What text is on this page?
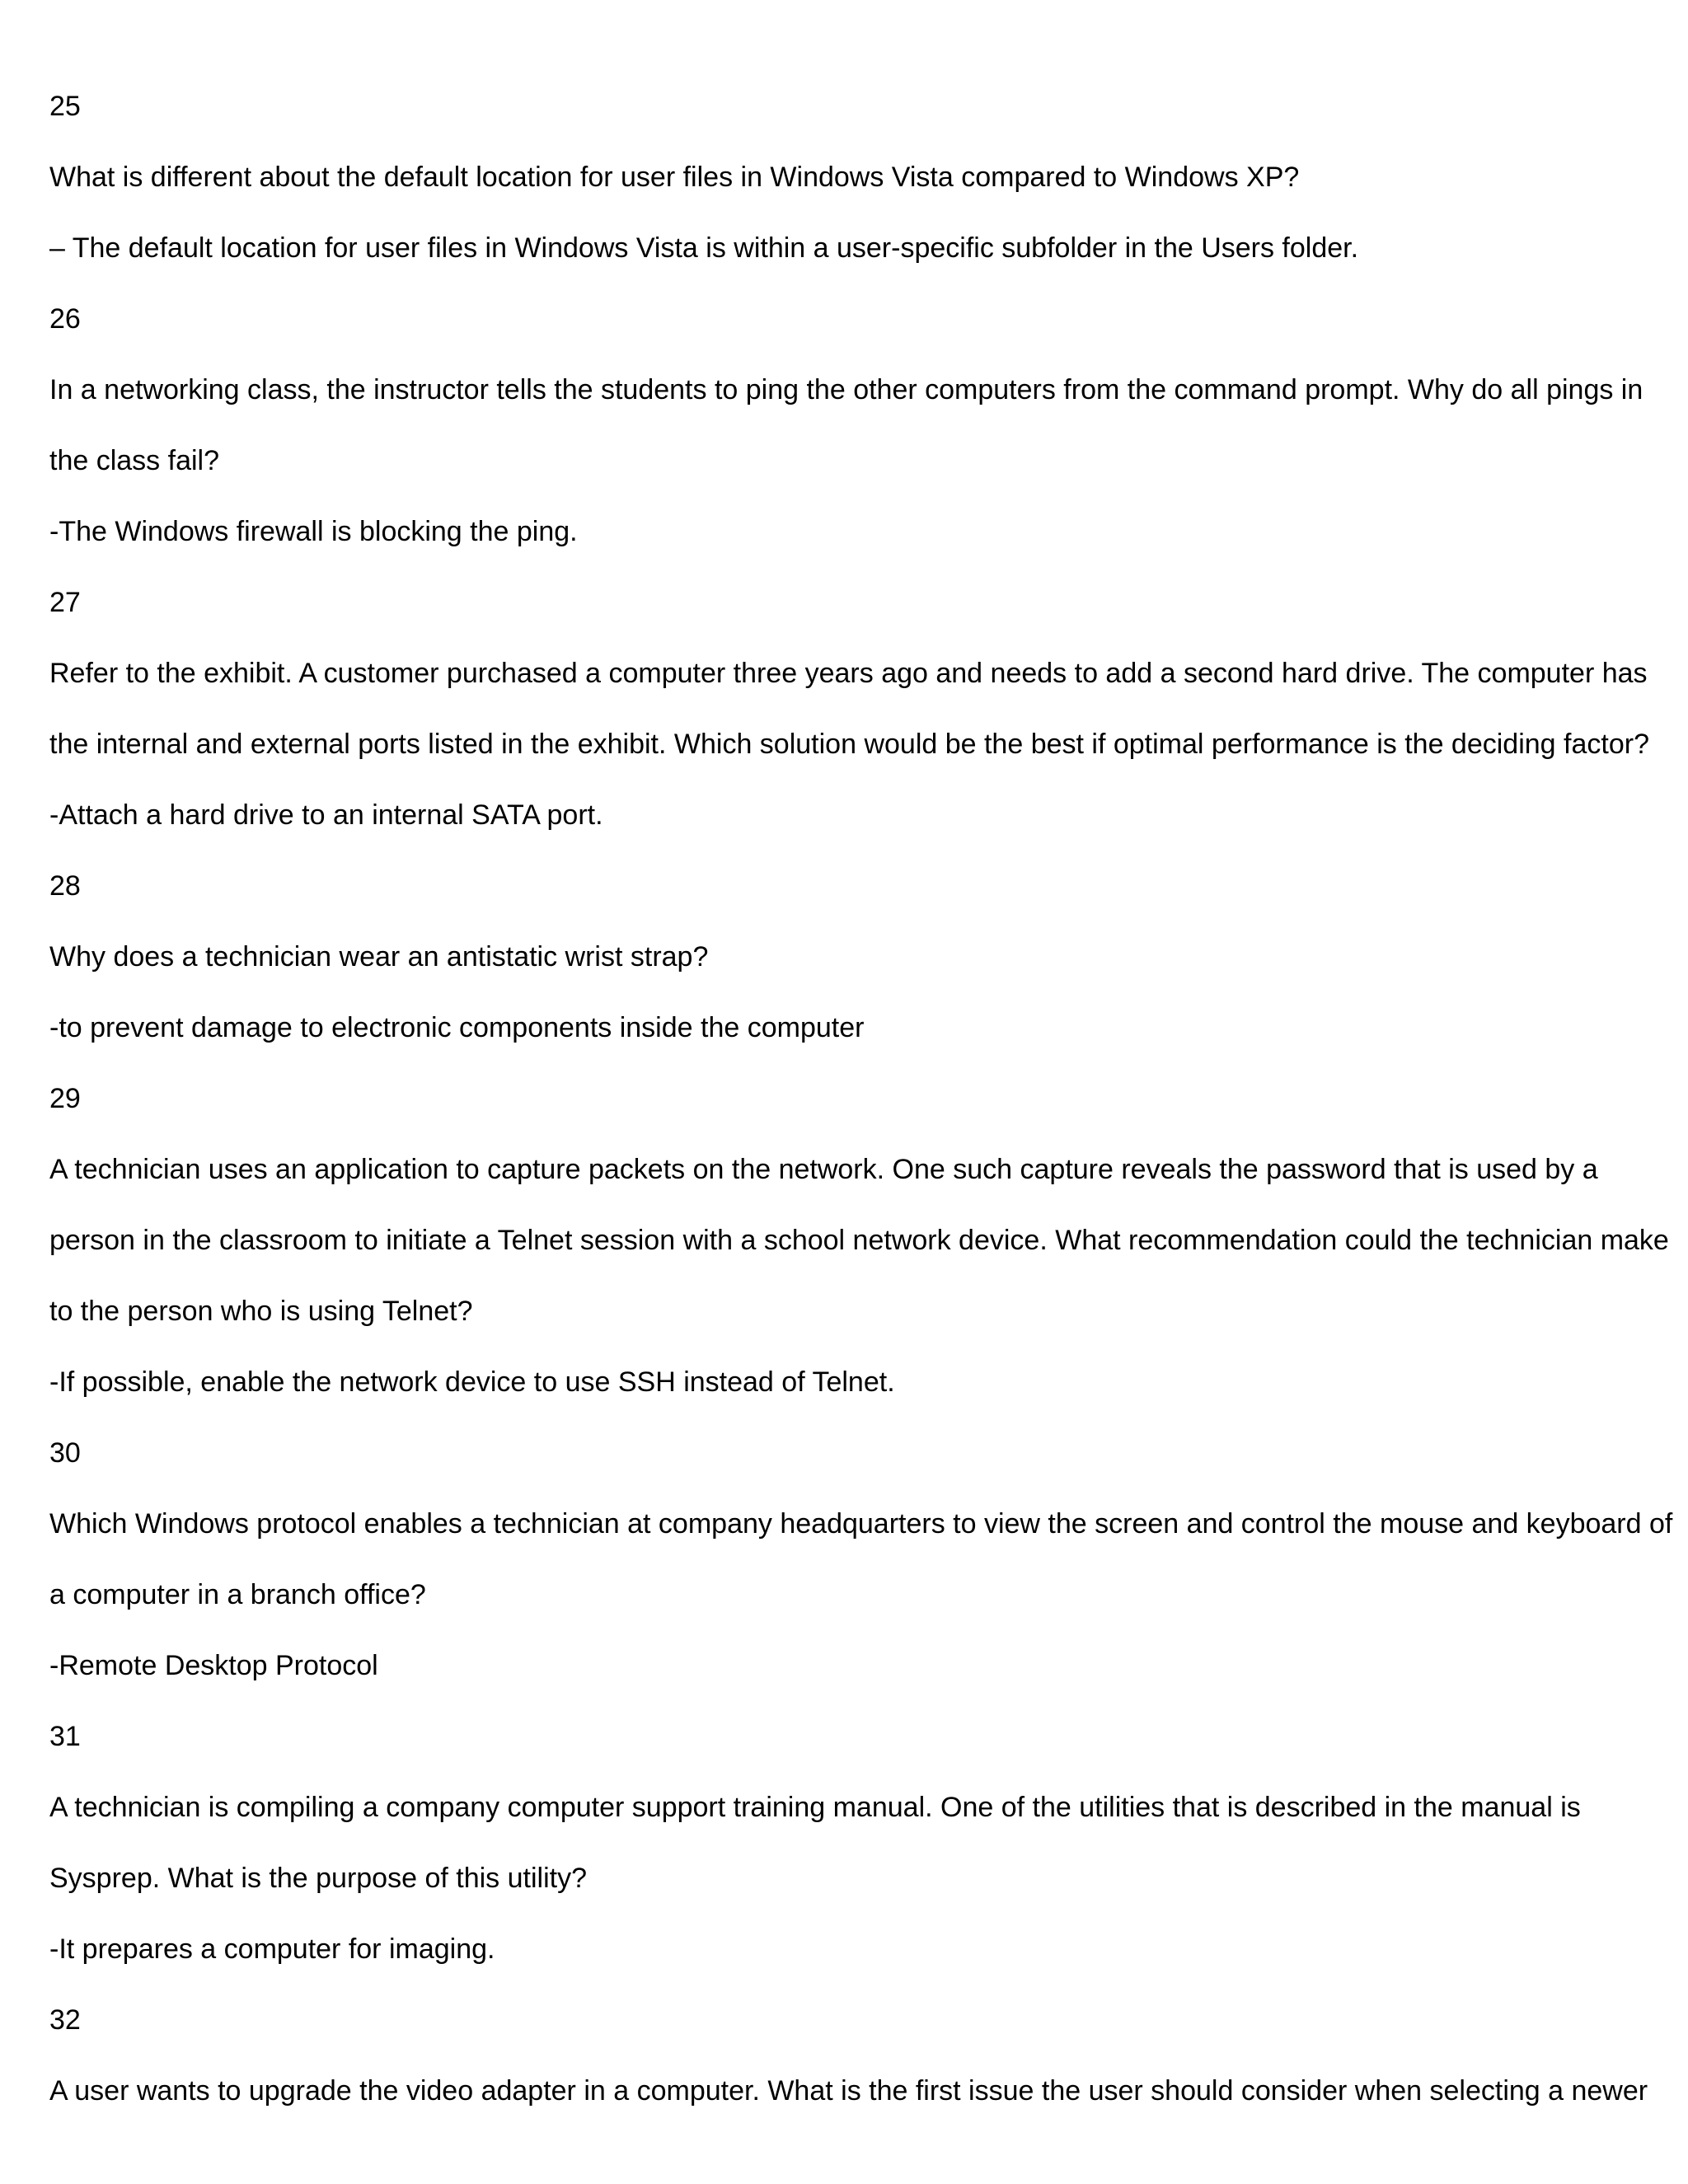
25
What is different about the default location for user files in Windows Vista compared to Windows XP?
– The default location for user files in Windows Vista is within a user-specific subfolder in the Users folder.
26
In a networking class, the instructor tells the students to ping the other computers from the command prompt. Why do all pings in
the class fail?
-The Windows firewall is blocking the ping.
27
Refer to the exhibit. A customer purchased a computer three years ago and needs to add a second hard drive. The computer has
the internal and external ports listed in the exhibit. Which solution would be the best if optimal performance is the deciding factor?
-Attach a hard drive to an internal SATA port.
28
Why does a technician wear an antistatic wrist strap?
-to prevent damage to electronic components inside the computer
29
A technician uses an application to capture packets on the network. One such capture reveals the password that is used by a
person in the classroom to initiate a Telnet session with a school network device. What recommendation could the technician make
to the person who is using Telnet?
-If possible, enable the network device to use SSH instead of Telnet.
30
Which Windows protocol enables a technician at company headquarters to view the screen and control the mouse and keyboard of
a computer in a branch office?
-Remote Desktop Protocol
31
A technician is compiling a company computer support training manual. One of the utilities that is described in the manual is
Sysprep. What is the purpose of this utility?
-It prepares a computer for imaging.
32
A user wants to upgrade the video adapter in a computer. What is the first issue the user should consider when selecting a newer
